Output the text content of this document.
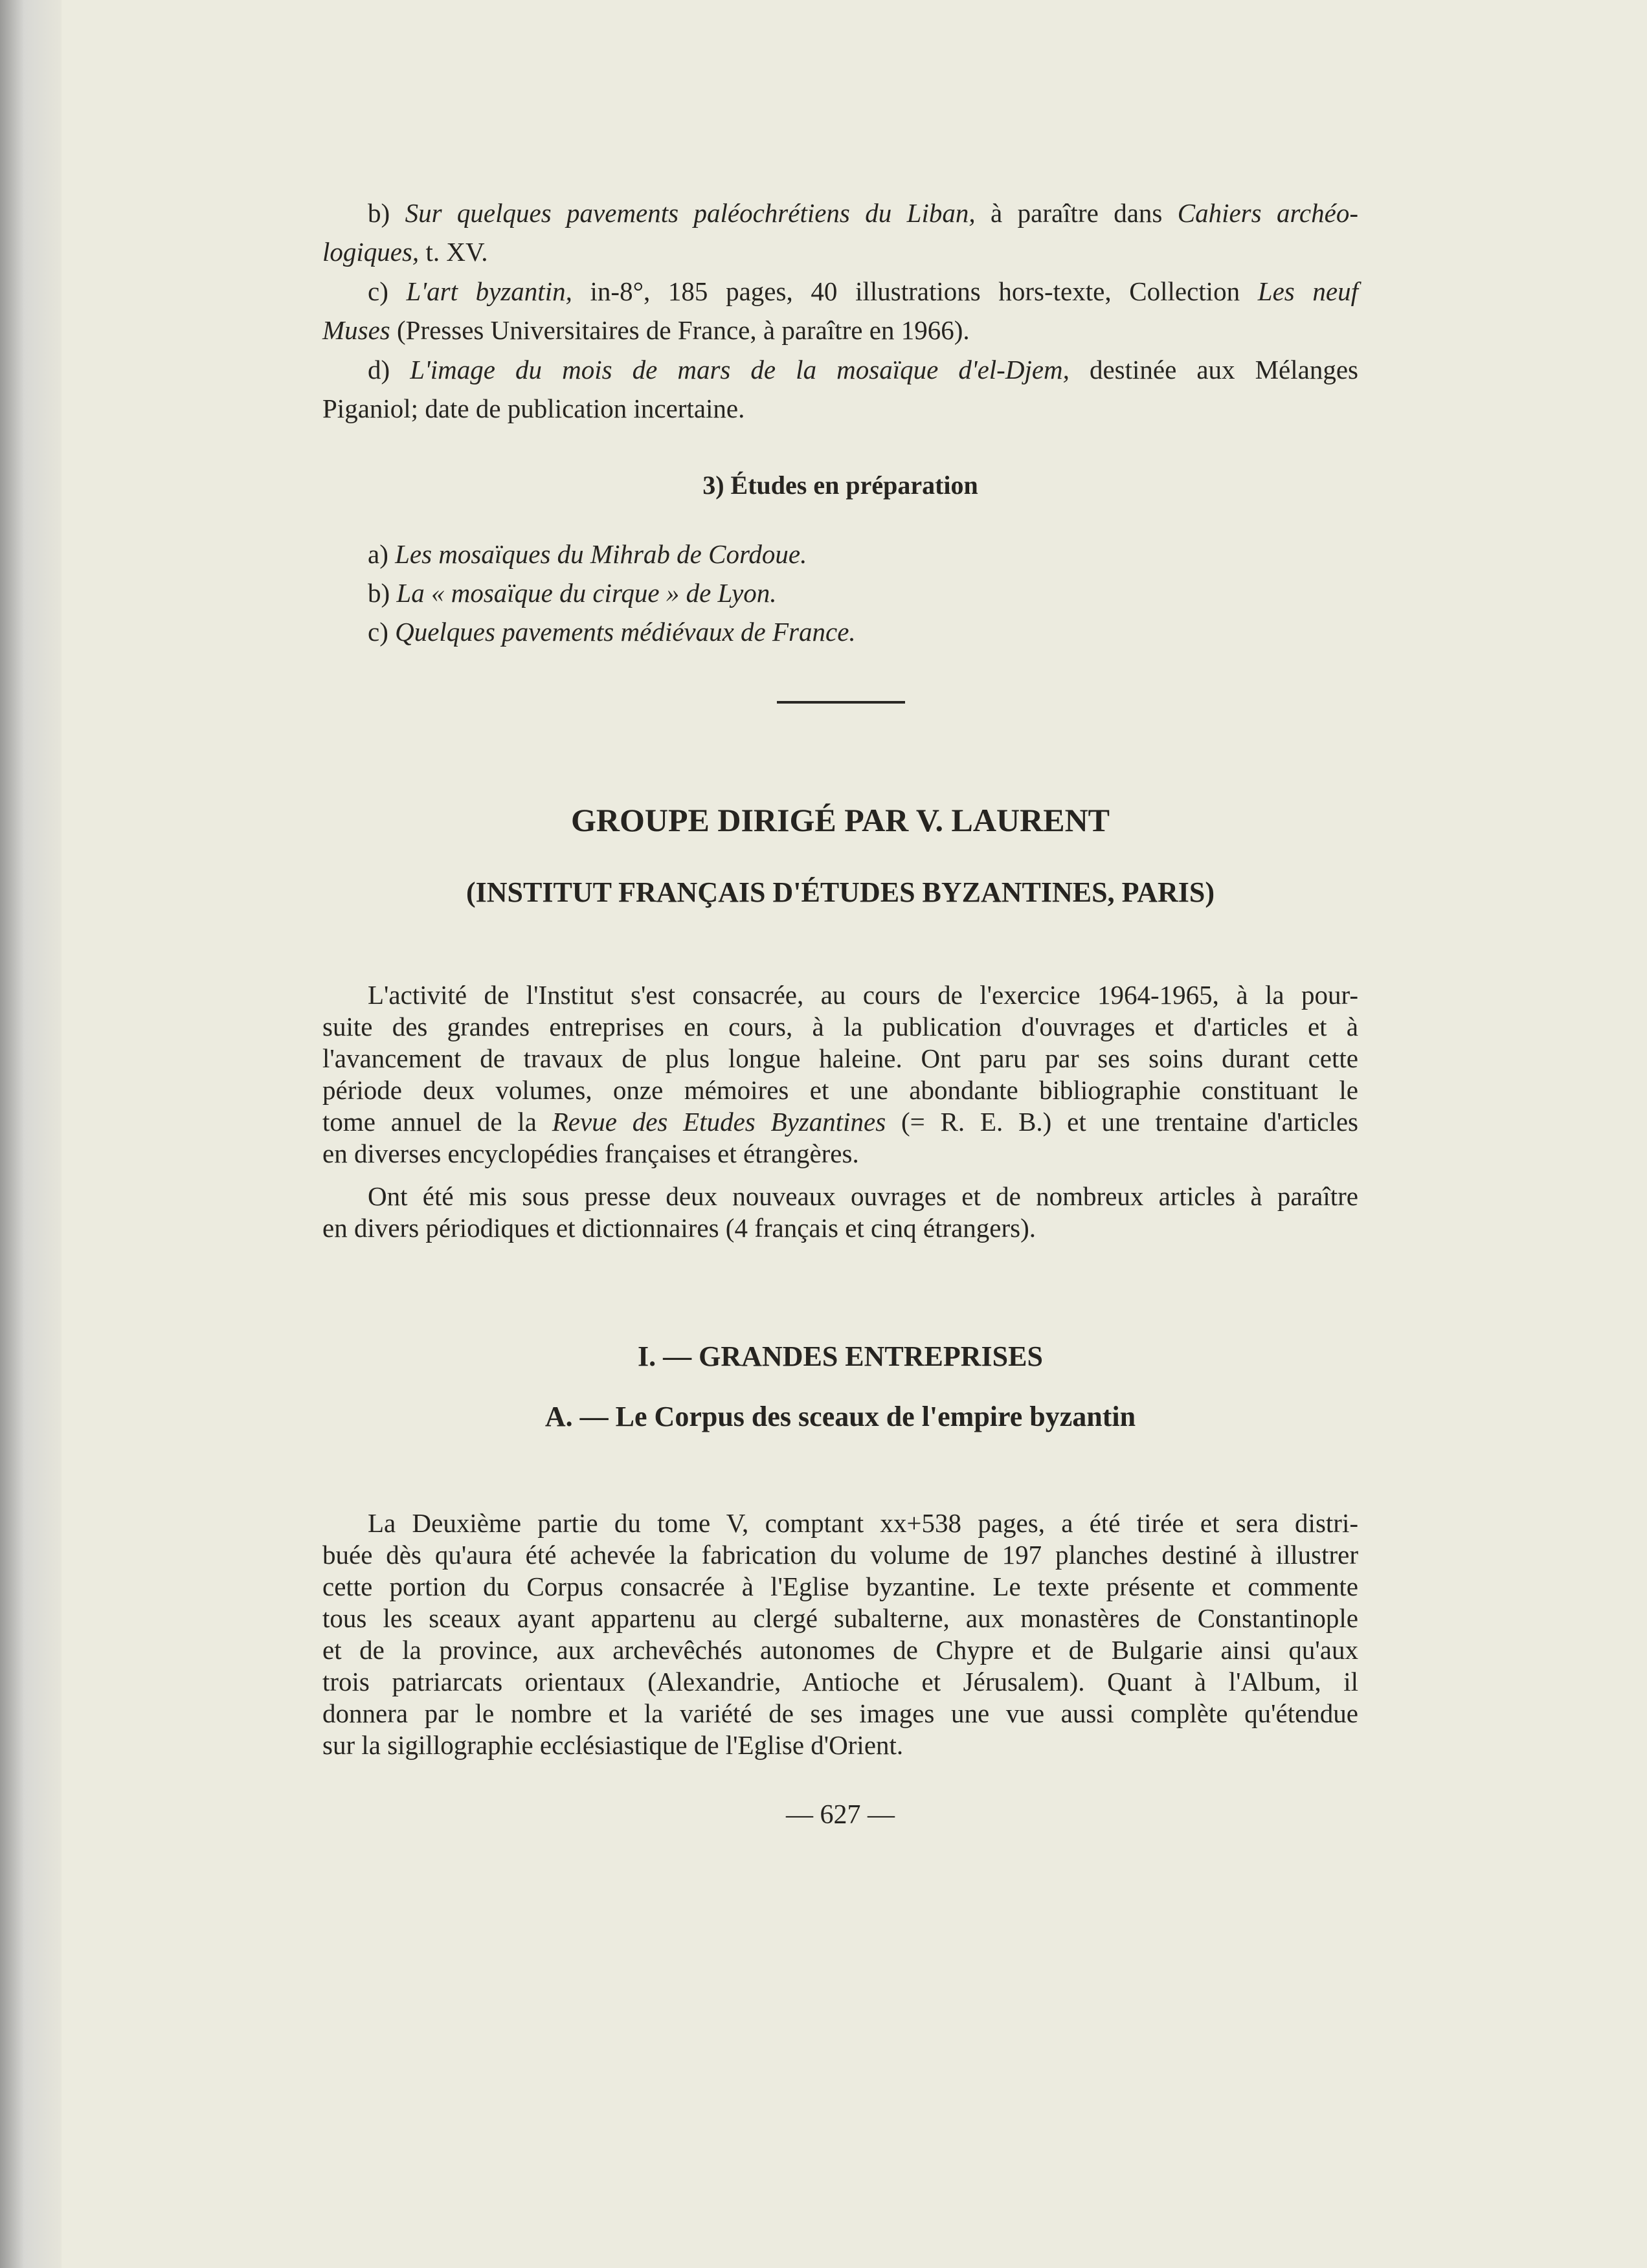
b) Sur quelques pavements paléochrétiens du Liban, à paraître dans Cahiers archéo-
logiques, t. XV.
c) L'art byzantin, in-8°, 185 pages, 40 illustrations hors-texte, Collection Les neuf
Muses (Presses Universitaires de France, à paraître en 1966).
d) L'image du mois de mars de la mosaïque d'el-Djem, destinée aux Mélanges
Piganiol; date de publication incertaine.
3) Études en préparation
a) Les mosaïques du Mihrab de Cordoue.
b) La « mosaïque du cirque » de Lyon.
c) Quelques pavements médiévaux de France.
GROUPE DIRIGÉ PAR V. LAURENT
(INSTITUT FRANÇAIS D'ÉTUDES BYZANTINES, PARIS)
L'activité de l'Institut s'est consacrée, au cours de l'exercice 1964-1965, à la pour-
suite des grandes entreprises en cours, à la publication d'ouvrages et d'articles et à
l'avancement de travaux de plus longue haleine. Ont paru par ses soins durant cette
période deux volumes, onze mémoires et une abondante bibliographie constituant le
tome annuel de la Revue des Etudes Byzantines (= R. E. B.) et une trentaine d'articles
en diverses encyclopédies françaises et étrangères.
Ont été mis sous presse deux nouveaux ouvrages et de nombreux articles à paraître
en divers périodiques et dictionnaires (4 français et cinq étrangers).
I. — GRANDES ENTREPRISES
A. — Le Corpus des sceaux de l'empire byzantin
La Deuxième partie du tome V, comptant xx+538 pages, a été tirée et sera distri-
buée dès qu'aura été achevée la fabrication du volume de 197 planches destiné à illustrer
cette portion du Corpus consacrée à l'Eglise byzantine. Le texte présente et commente
tous les sceaux ayant appartenu au clergé subalterne, aux monastères de Constantinople
et de la province, aux archevêchés autonomes de Chypre et de Bulgarie ainsi qu'aux
trois patriarcats orientaux (Alexandrie, Antioche et Jérusalem). Quant à l'Album, il
donnera par le nombre et la variété de ses images une vue aussi complète qu'étendue
sur la sigillographie ecclésiastique de l'Eglise d'Orient.
— 627 —
